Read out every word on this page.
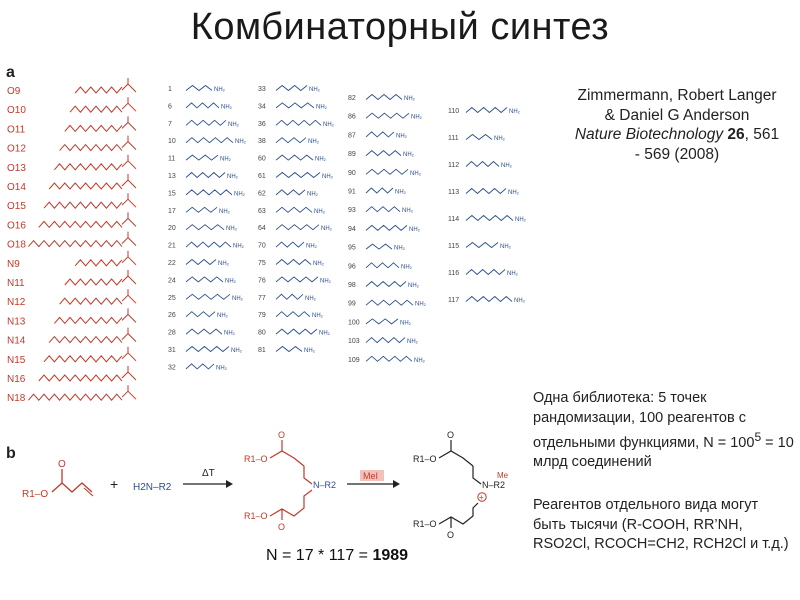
Комбинаторный синтез
a
b
O9
O10
O11
O12
O13
O14
O15
O16
O18
N9
N11
N12
N13
N14
N15
N16
N18
1	NH₂
6	NH₂
7	NH₂
10	NH₂
11	NH₂
13	NH₂
15	NH₂
17	NH₂
20	NH₂
21	NH₂
22	NH₂
24	NH₂
25	NH₂
26	NH₂
28	NH₂
31	NH₂
32	NH₂
33	NH₂
34	NH₂
36	NH₂
38	NH₂
60	NH₂
61	NH₂
62	NH₂
63	NH₂
64	NH₂
70	NH₂
75	NH₂
76	NH₂
77	NH₂
79	NH₂
80	NH₂
81	NH₂
82	NH₂
86	NH₂
87	NH₂
89	NH₂
90	NH₂
91	NH₂
93	NH₂
94	NH₂
95	NH₂
96	NH₂
98	NH₂
99	NH₂
100	NH₂
103	NH₂
109	NH₂
110	NH₂
111	NH₂
112	NH₂
113	NH₂
114	NH₂
115	NH₂
116	NH₂
117	NH₂
R1–O
O
+ H2N–R2
ΔT
R1–O
O
N–R2
O
R1–O
MeI
R1–O
O
N–R2
Me
+
O
R1–O
Zimmermann, Robert Langer & Daniel G Anderson
Nature Biotechnology 26, 561 - 569 (2008)
Одна библиотека: 5 точек рандомизации, 100 реагентов с отдельными функциями, $N = 100^5 = 10$ млрд соединений
Реагентов отдельного вида могут быть тысячи (R-COOH, RR’NH, RSO2Cl, RCOCH=CH2, RCH2Cl и т.д.)
N = 17 * 117 = 1989
